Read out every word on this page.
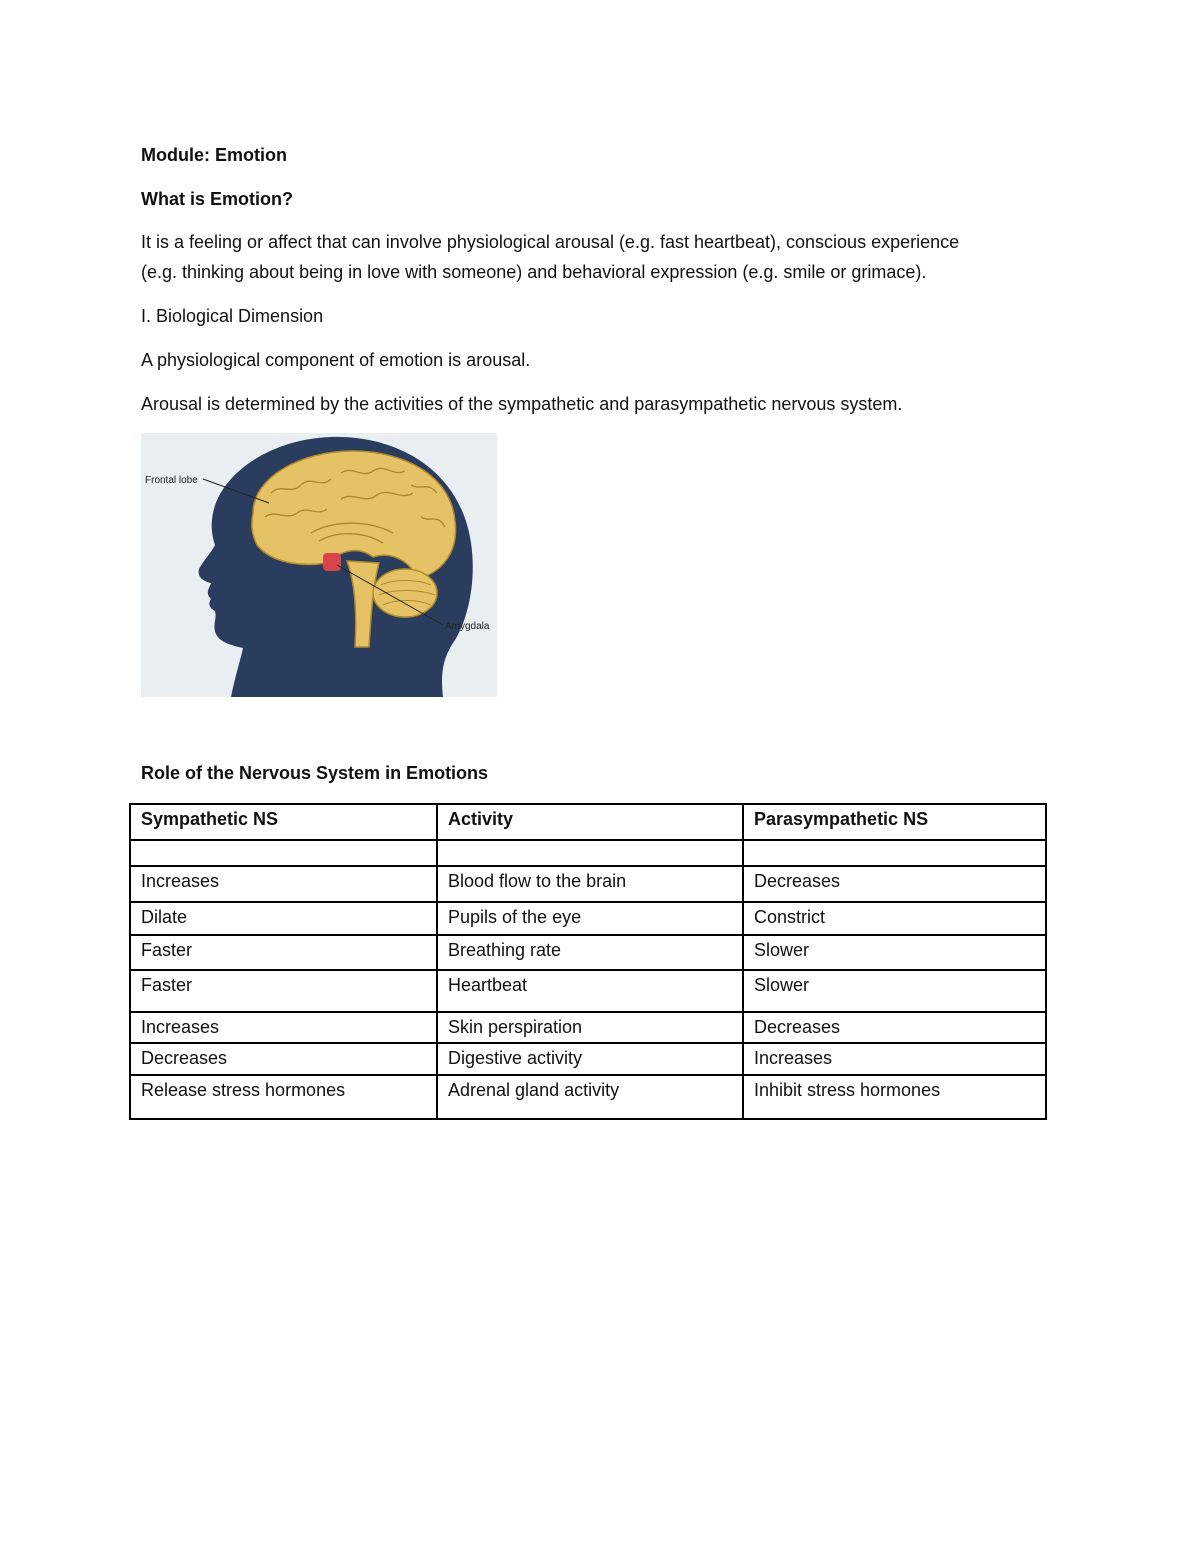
Module: Emotion
What is Emotion?
It is a feeling or affect that can involve physiological arousal (e.g. fast heartbeat), conscious experience
(e.g. thinking about being in love with someone) and behavioral expression (e.g. smile or grimace).
I. Biological Dimension
A physiological component of emotion is arousal.
Arousal is determined by the activities of the sympathetic and parasympathetic nervous system.
Frontal lobe
Amygdala
Role of the Nervous System in Emotions
Sympathetic NS	Activity	Parasympathetic NS

Increases	Blood flow to the brain	Decreases
Dilate	Pupils of the eye	Constrict
Faster	Breathing rate	Slower
Faster	Heartbeat	Slower
Increases	Skin perspiration	Decreases
Decreases	Digestive activity	Increases
Release stress hormones	Adrenal gland activity	Inhibit stress hormones
